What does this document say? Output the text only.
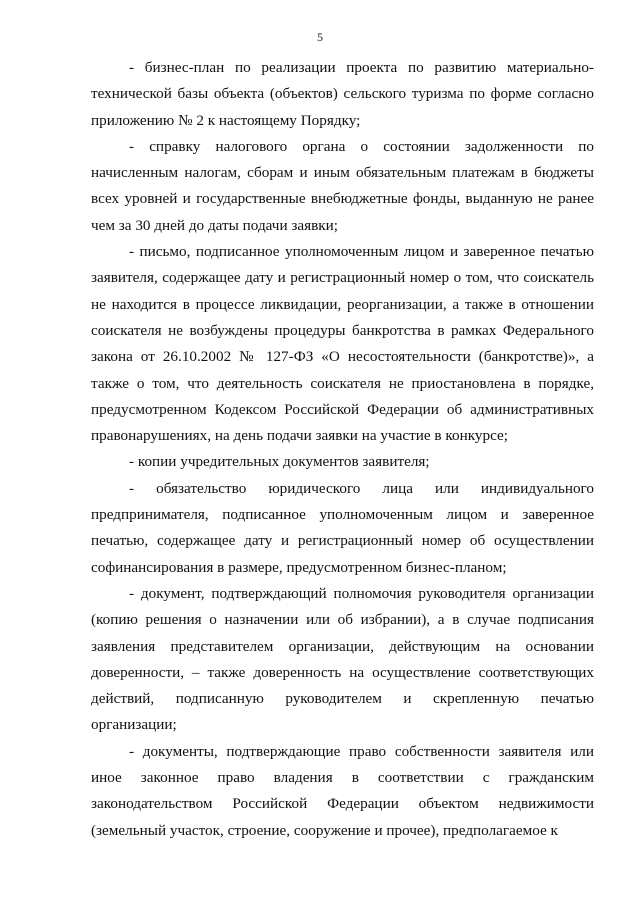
5

- бизнес-план по реализации проекта по развитию материально-технической базы объекта (объектов) сельского туризма по форме согласно приложению № 2 к настоящему Порядку;

- справку налогового органа о состоянии задолженности по начисленным налогам, сборам и иным обязательным платежам в бюджеты всех уровней и государственные внебюджетные фонды, выданную не ранее чем за 30 дней до даты подачи заявки;

- письмо, подписанное уполномоченным лицом и заверенное печатью заявителя, содержащее дату и регистрационный номер о том, что соискатель не находится в процессе ликвидации, реорганизации, а также в отношении соискателя не возбуждены процедуры банкротства в рамках Федерального закона от 26.10.2002 № 127-ФЗ «О несостоятельности (банкротстве)», а также о том, что деятельность соискателя не приостановлена в порядке, предусмотренном Кодексом Российской Федерации об административных правонарушениях, на день подачи заявки на участие в конкурсе;

- копии учредительных документов заявителя;

- обязательство юридического лица или индивидуального предпринимателя, подписанное уполномоченным лицом и заверенное печатью, содержащее дату и регистрационный номер об осуществлении софинансирования в размере, предусмотренном бизнес-планом;

- документ, подтверждающий полномочия руководителя организации (копию решения о назначении или об избрании), а в случае подписания заявления представителем организации, действующим на основании доверенности, – также доверенность на осуществление соответствующих действий, подписанную руководителем и скрепленную печатью организации;

- документы, подтверждающие право собственности заявителя или иное законное право владения в соответствии с гражданским законодательством Российской Федерации объектом недвижимости (земельный участок, строение, сооружение и прочее), предполагаемое к
